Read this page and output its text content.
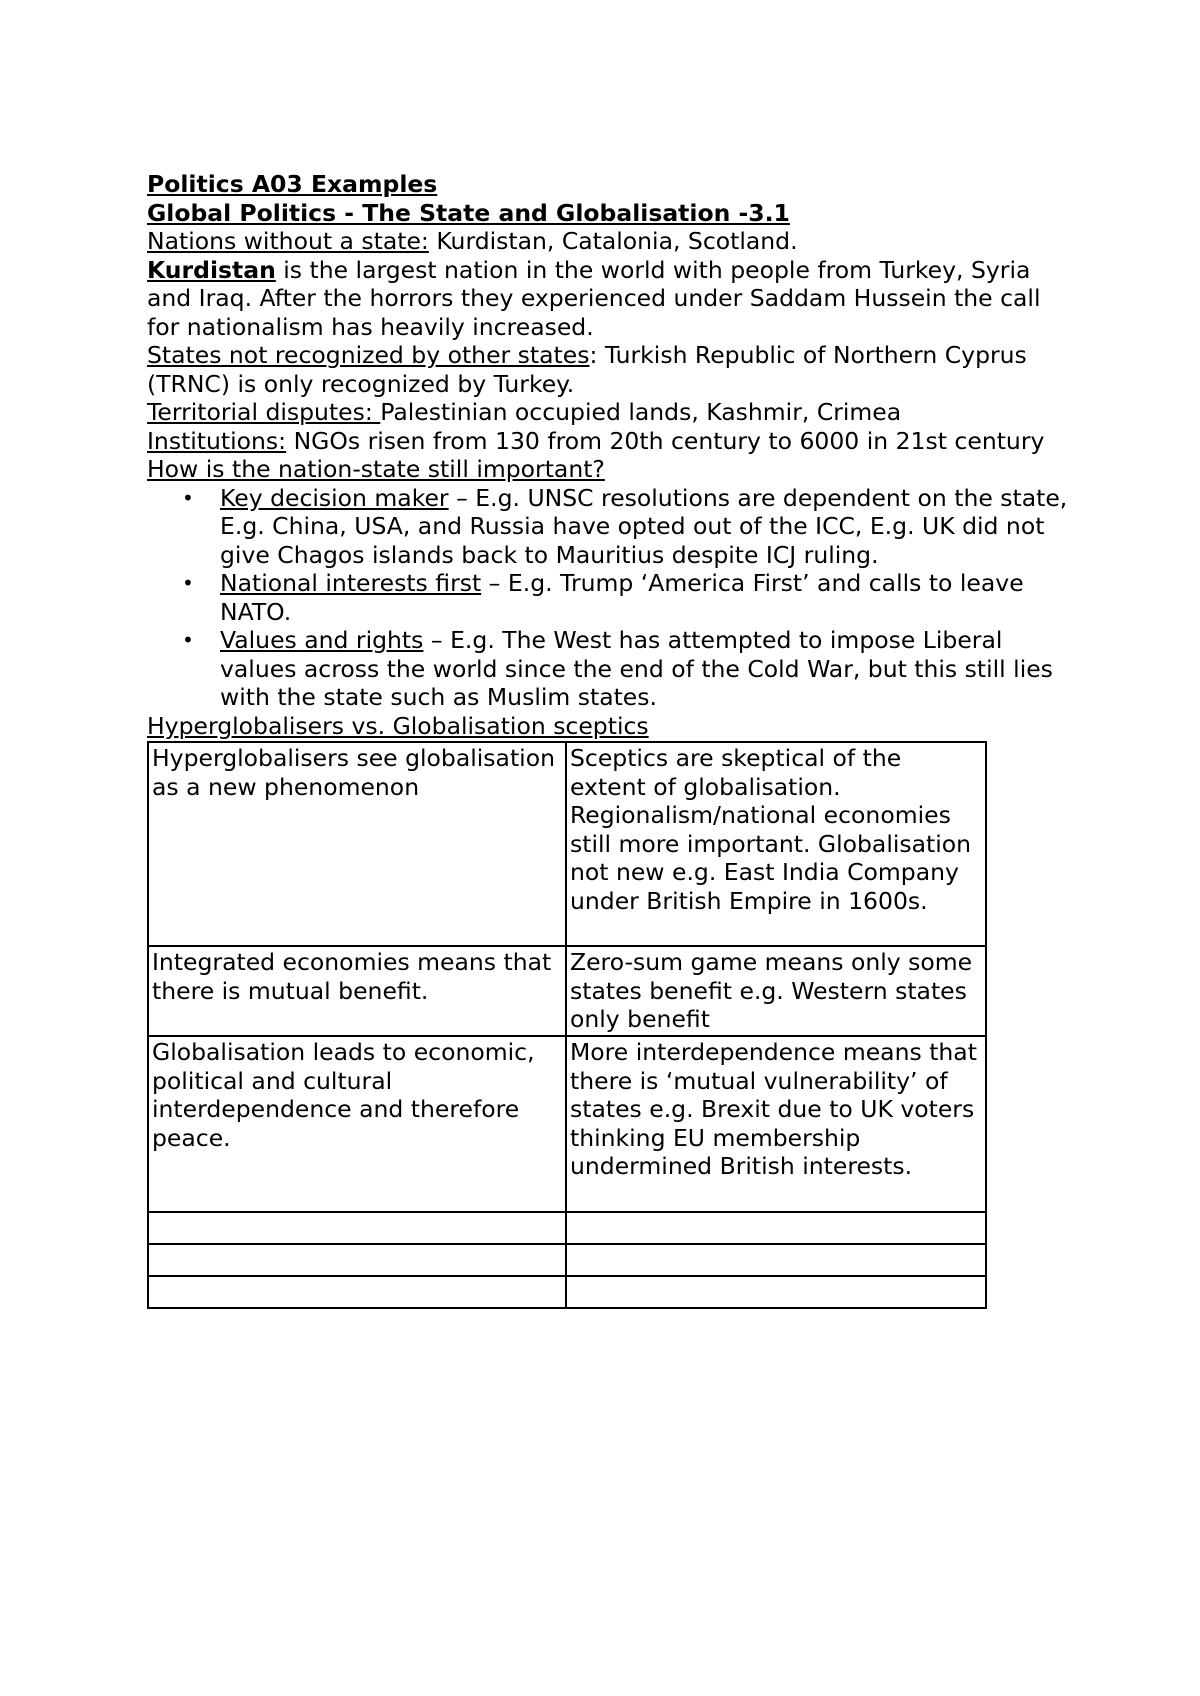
Politics A03 Examples

Global Politics - The State and Globalisation -3.1

Nations without a state: Kurdistan, Catalonia, Scotland.

Kurdistan is the largest nation in the world with people from Turkey, Syria and Iraq. After the horrors they experienced under Saddam Hussein the call for nationalism has heavily increased.

States not recognized by other states: Turkish Republic of Northern Cyprus (TRNC) is only recognized by Turkey.

Territorial disputes: Palestinian occupied lands, Kashmir, Crimea

Institutions: NGOs risen from 130 from 20th century to 6000 in 21st century

How is the nation-state still important?

• Key decision maker – E.g. UNSC resolutions are dependent on the state, E.g. China, USA, and Russia have opted out of the ICC, E.g. UK did not give Chagos islands back to Mauritius despite ICJ ruling.
• National interests first – E.g. Trump ‘America First’ and calls to leave NATO.
• Values and rights – E.g. The West has attempted to impose Liberal values across the world since the end of the Cold War, but this still lies with the state such as Muslim states.

Hyperglobalisers vs. Globalisation sceptics

Hyperglobalisers see globalisation as a new phenomenon	Sceptics are skeptical of the extent of globalisation. Regionalism/national economies still more important. Globalisation not new e.g. East India Company under British Empire in 1600s.
Integrated economies means that there is mutual benefit.	Zero-sum game means only some states benefit e.g. Western states only benefit
Globalisation leads to economic, political and cultural interdependence and therefore peace.	More interdependence means that there is ‘mutual vulnerability’ of states e.g. Brexit due to UK voters thinking EU membership undermined British interests.
